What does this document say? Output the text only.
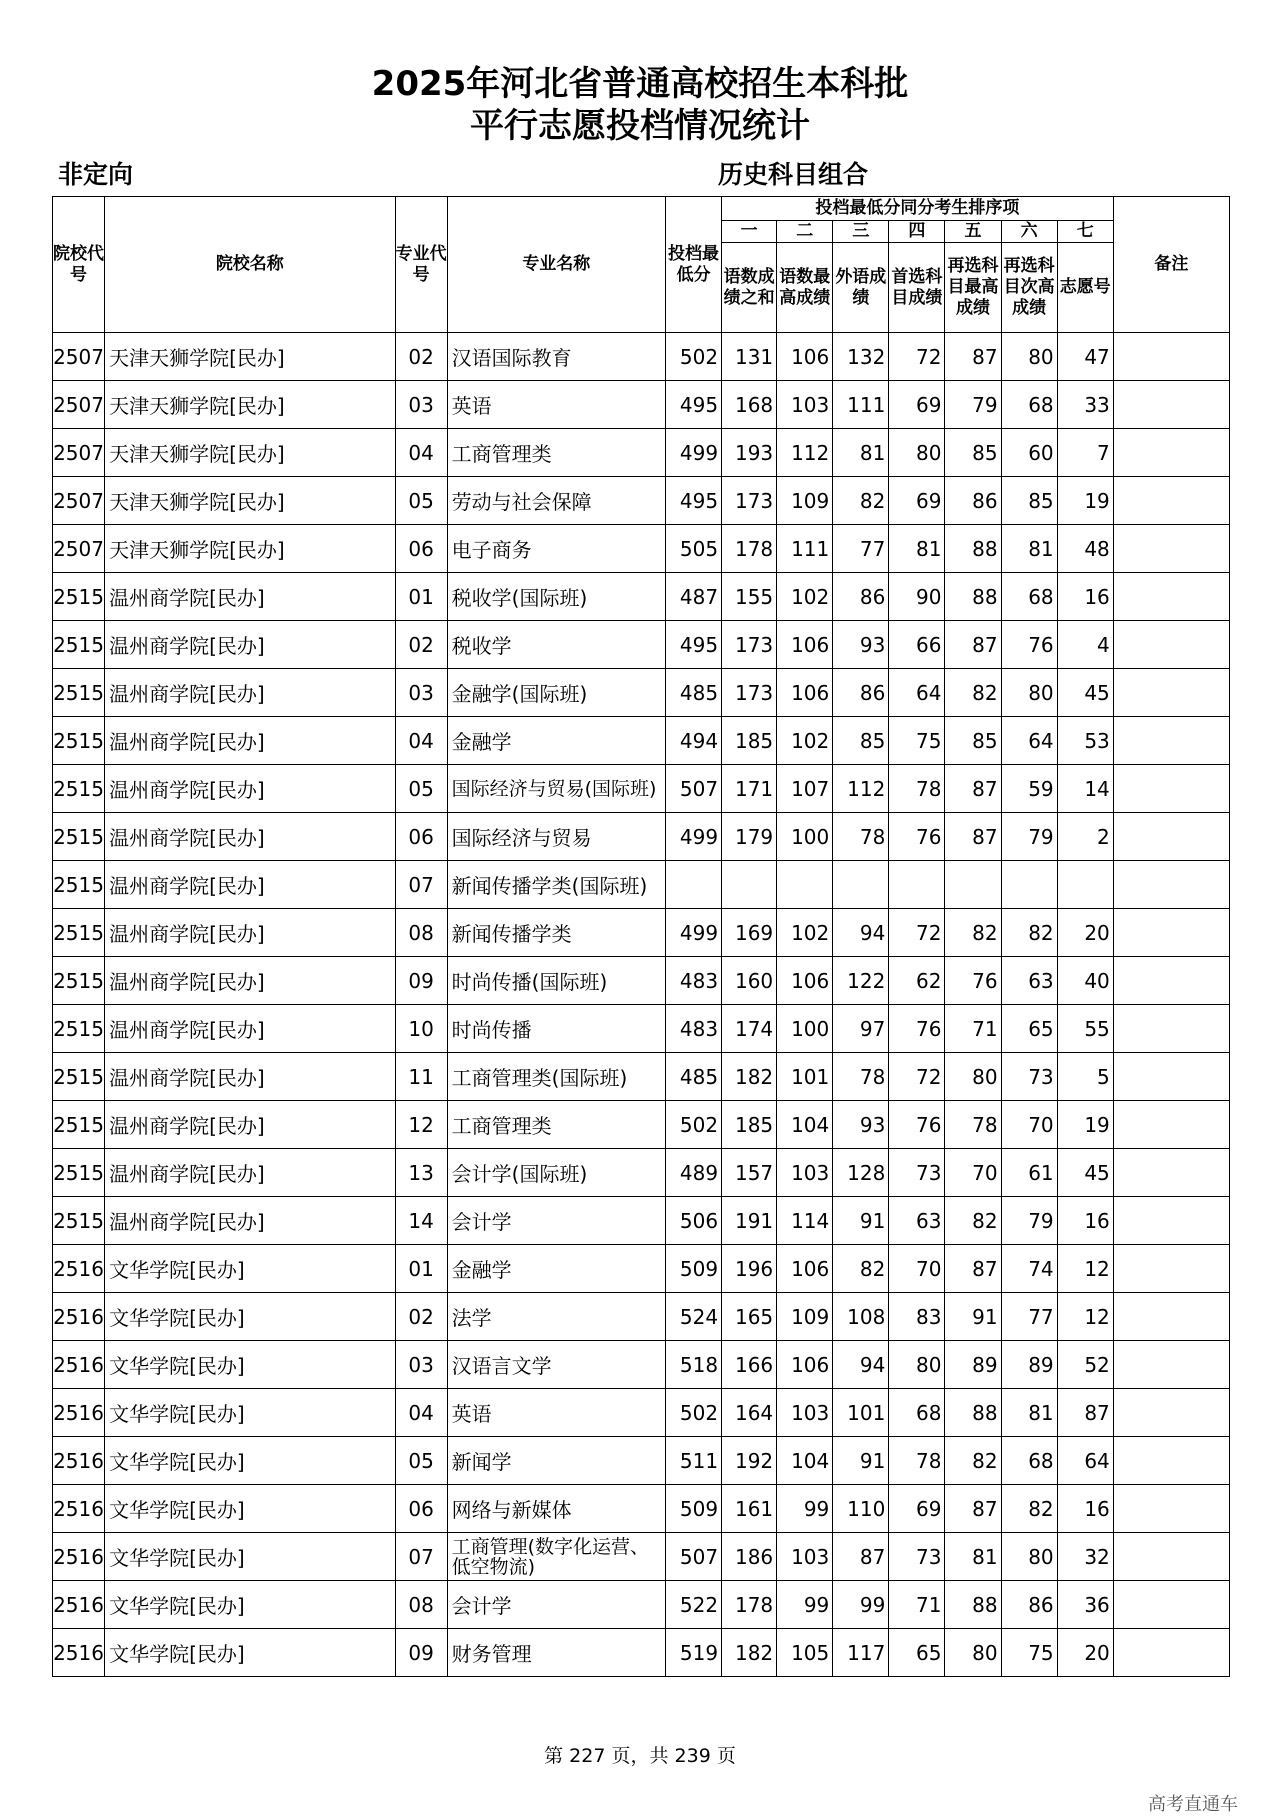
2025年河北省普通高校招生本科批
平行志愿投档情况统计
非定向	历史科目组合
院校代号	院校名称	专业代号	专业名称	投档最低分	投档最低分同分考生排序项							备注
					一	二	三	四	五	六	七	
					语数成绩之和	语数最高成绩	外语成绩	首选科目成绩	再选科目最高成绩	再选科目次高成绩	志愿号	
2507	天津天狮学院[民办]	02	汉语国际教育	502	131	106	132	72	87	80	47	
2507	天津天狮学院[民办]	03	英语	495	168	103	111	69	79	68	33	
2507	天津天狮学院[民办]	04	工商管理类	499	193	112	81	80	85	60	7	
2507	天津天狮学院[民办]	05	劳动与社会保障	495	173	109	82	69	86	85	19	
2507	天津天狮学院[民办]	06	电子商务	505	178	111	77	81	88	81	48	
2515	温州商学院[民办]	01	税收学(国际班)	487	155	102	86	90	88	68	16	
2515	温州商学院[民办]	02	税收学	495	173	106	93	66	87	76	4	
2515	温州商学院[民办]	03	金融学(国际班)	485	173	106	86	64	82	80	45	
2515	温州商学院[民办]	04	金融学	494	185	102	85	75	85	64	53	
2515	温州商学院[民办]	05	国际经济与贸易(国际班)	507	171	107	112	78	87	59	14	
2515	温州商学院[民办]	06	国际经济与贸易	499	179	100	78	76	87	79	2	
2515	温州商学院[民办]	07	新闻传播学类(国际班)									
2515	温州商学院[民办]	08	新闻传播学类	499	169	102	94	72	82	82	20	
2515	温州商学院[民办]	09	时尚传播(国际班)	483	160	106	122	62	76	63	40	
2515	温州商学院[民办]	10	时尚传播	483	174	100	97	76	71	65	55	
2515	温州商学院[民办]	11	工商管理类(国际班)	485	182	101	78	72	80	73	5	
2515	温州商学院[民办]	12	工商管理类	502	185	104	93	76	78	70	19	
2515	温州商学院[民办]	13	会计学(国际班)	489	157	103	128	73	70	61	45	
2515	温州商学院[民办]	14	会计学	506	191	114	91	63	82	79	16	
2516	文华学院[民办]	01	金融学	509	196	106	82	70	87	74	12	
2516	文华学院[民办]	02	法学	524	165	109	108	83	91	77	12	
2516	文华学院[民办]	03	汉语言文学	518	166	106	94	80	89	89	52	
2516	文华学院[民办]	04	英语	502	164	103	101	68	88	81	87	
2516	文华学院[民办]	05	新闻学	511	192	104	91	78	82	68	64	
2516	文华学院[民办]	06	网络与新媒体	509	161	99	110	69	87	82	16	
2516	文华学院[民办]	07	工商管理(数字化运营、低空物流)	507	186	103	87	73	81	80	32	
2516	文华学院[民办]	08	会计学	522	178	99	99	71	88	86	36	
2516	文华学院[民办]	09	财务管理	519	182	105	117	65	80	75	20	
第 227 页，共 239 页
高考直通车
